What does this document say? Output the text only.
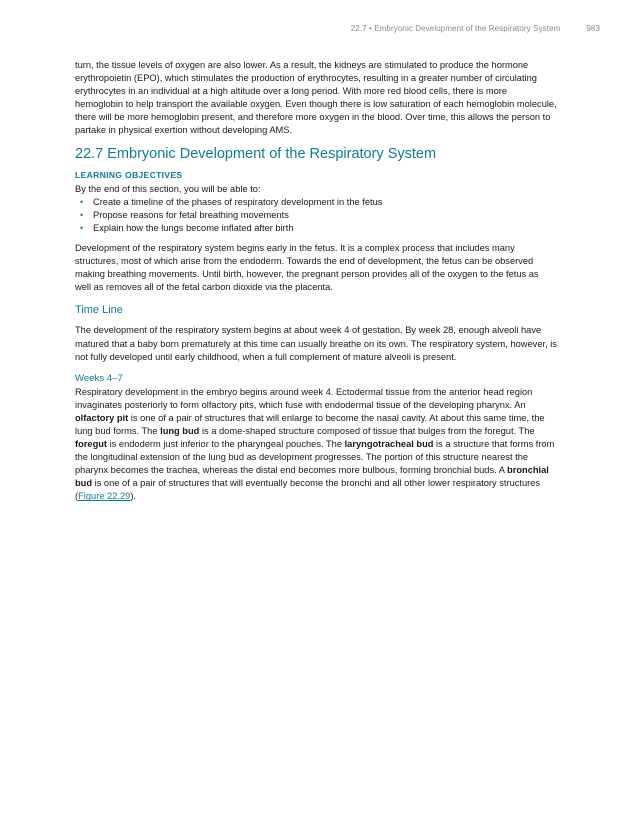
22.7 • Embryonic Development of the Respiratory System	983

turn, the tissue levels of oxygen are also lower. As a result, the kidneys are stimulated to produce the hormone erythropoietin (EPO), which stimulates the production of erythrocytes, resulting in a greater number of circulating erythrocytes in an individual at a high altitude over a long period. With more red blood cells, there is more hemoglobin to help transport the available oxygen. Even though there is low saturation of each hemoglobin molecule, there will be more hemoglobin present, and therefore more oxygen in the blood. Over time, this allows the person to partake in physical exertion without developing AMS.

22.7 Embryonic Development of the Respiratory System
LEARNING OBJECTIVES
By the end of this section, you will be able to:
• Create a timeline of the phases of respiratory development in the fetus
• Propose reasons for fetal breathing movements
• Explain how the lungs become inflated after birth

Development of the respiratory system begins early in the fetus. It is a complex process that includes many structures, most of which arise from the endoderm. Towards the end of development, the fetus can be observed making breathing movements. Until birth, however, the pregnant person provides all of the oxygen to the fetus as well as removes all of the fetal carbon dioxide via the placenta.

Time Line

The development of the respiratory system begins at about week 4 of gestation. By week 28, enough alveoli have matured that a baby born prematurely at this time can usually breathe on its own. The respiratory system, however, is not fully developed until early childhood, when a full complement of mature alveoli is present.

Weeks 4–7

Respiratory development in the embryo begins around week 4. Ectodermal tissue from the anterior head region invaginates posteriorly to form olfactory pits, which fuse with endodermal tissue of the developing pharynx. An olfactory pit is one of a pair of structures that will enlarge to become the nasal cavity. At about this same time, the lung bud forms. The lung bud is a dome-shaped structure composed of tissue that bulges from the foregut. The foregut is endoderm just inferior to the pharyngeal pouches. The laryngotracheal bud is a structure that forms from the longitudinal extension of the lung bud as development progresses. The portion of this structure nearest the pharynx becomes the trachea, whereas the distal end becomes more bulbous, forming bronchial buds. A bronchial bud is one of a pair of structures that will eventually become the bronchi and all other lower respiratory structures (Figure 22.29).
